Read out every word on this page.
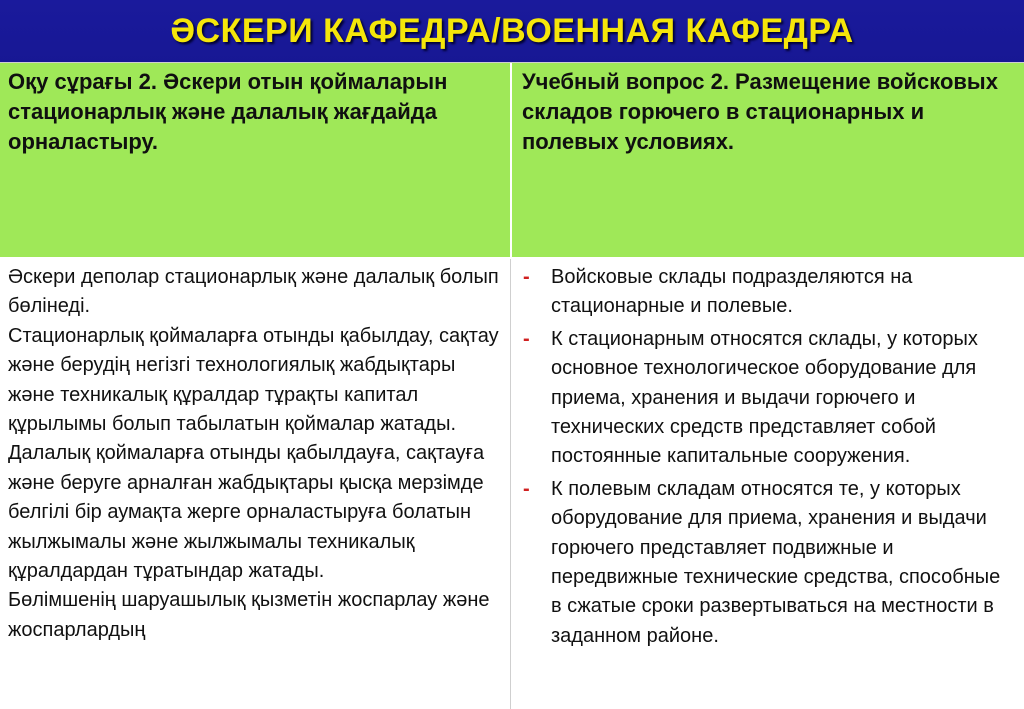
ӘСКЕРИ КАФЕДРА/ВОЕННАЯ КАФЕДРА
Оқу сұрағы 2. Әскери отын қоймаларын стационарлық және далалық жағдайда орналастыру.
Учебный вопрос 2. Размещение войсковых складов горючего в стационарных и полевых условиях.
Әскери деполар стационарлық және далалық болып бөлінеді.
Стационарлық қоймаларға отынды қабылдау, сақтау және берудің негізгі технологиялық жабдықтары және техникалық құралдар тұрақты капитал құрылымы болып табылатын қоймалар жатады.
Далалық қоймаларға отынды қабылдауға, сақтауға және беруге арналған жабдықтары қысқа мерзімде белгілі бір аумақта жерге орналастыруға болатын жылжымалы және жылжымалы техникалық құралдардан тұратындар жатады.
Бөлімшенің шаруашылық қызметін жоспарлау және жоспарлардың
- Войсковые склады подразделяются на стационарные и полевые.
- К стационарным относятся склады, у которых основное технологическое оборудование для приема, хранения и выдачи горючего и технических средств представляет собой постоянные капитальные сооружения.
- К полевым складам относятся те, у которых оборудование для приема, хранения и выдачи горючего представляет подвижные и передвижные технические средства, способные в сжатые сроки развертываться на местности в заданном районе.
